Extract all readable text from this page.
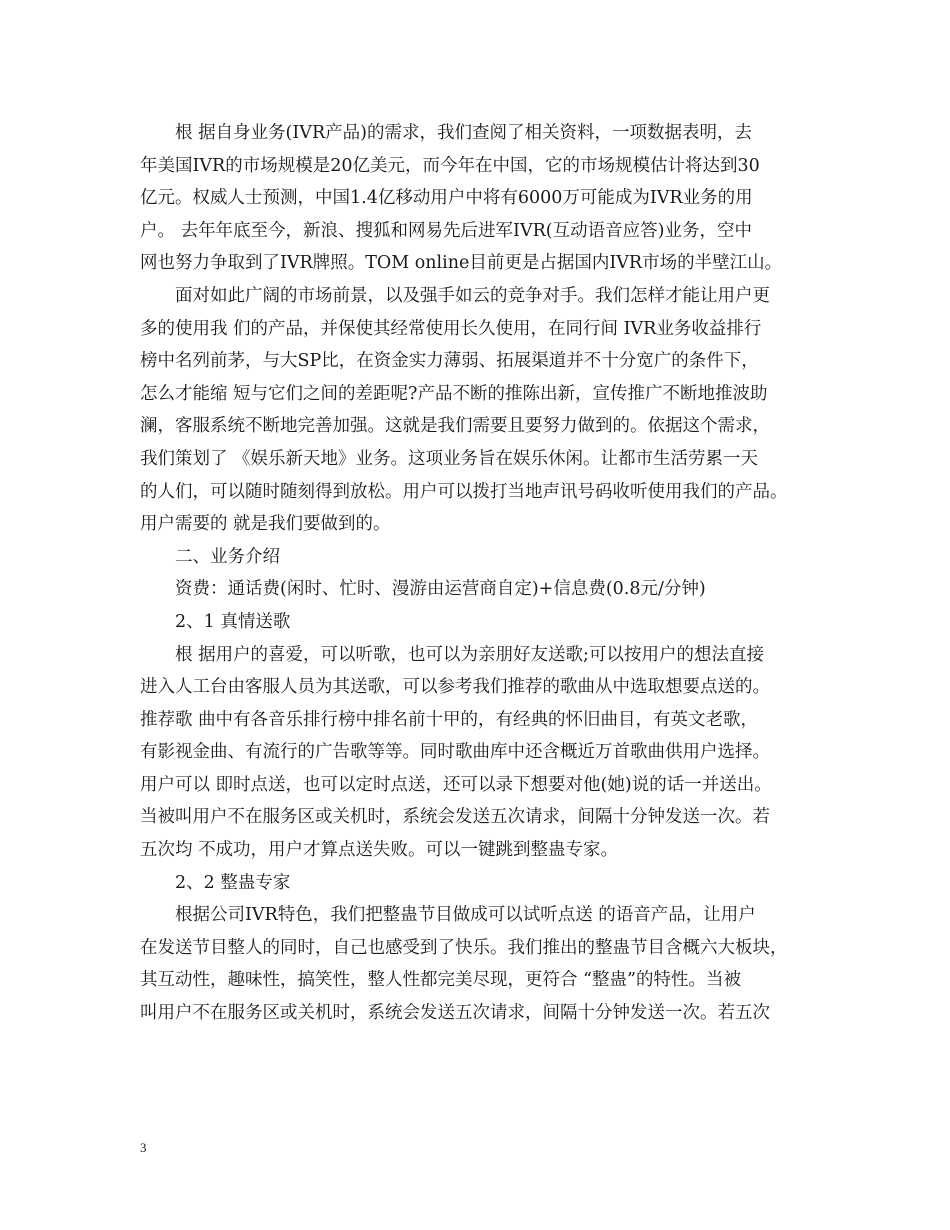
根 据自身业务(IVR产品)的需求，我们查阅了相关资料，一项数据表明，去
年美国IVR的市场规模是20亿美元，而今年在中国，它的市场规模估计将达到30
亿元。权威人士预测，中国1.4亿移动用户中将有6000万可能成为IVR业务的用
户。 去年年底至今，新浪、搜狐和网易先后进军IVR(互动语音应答)业务，空中
网也努力争取到了IVR牌照。TOM online目前更是占据国内IVR市场的半壁江山。
面对如此广阔的市场前景，以及强手如云的竞争对手。我们怎样才能让用户更
多的使用我 们的产品，并保使其经常使用长久使用，在同行间 IVR业务收益排行
榜中名列前茅，与大SP比，在资金实力薄弱、拓展渠道并不十分宽广的条件下，
怎么才能缩 短与它们之间的差距呢?产品不断的推陈出新，宣传推广不断地推波助
澜，客服系统不断地完善加强。这就是我们需要且要努力做到的。依据这个需求，
我们策划了 《娱乐新天地》业务。这项业务旨在娱乐休闲。让都市生活劳累一天
的人们，可以随时随刻得到放松。用户可以拨打当地声讯号码收听使用我们的产品。
用户需要的 就是我们要做到的。
二、业务介绍
资费：通话费(闲时、忙时、漫游由运营商自定)+信息费(0.8元/分钟)
2、1 真情送歌
根 据用户的喜爱，可以听歌，也可以为亲朋好友送歌;可以按用户的想法直接
进入人工台由客服人员为其送歌，可以参考我们推荐的歌曲从中选取想要点送的。
推荐歌 曲中有各音乐排行榜中排名前十甲的，有经典的怀旧曲目，有英文老歌，
有影视金曲、有流行的广告歌等等。同时歌曲库中还含概近万首歌曲供用户选择。
用户可以 即时点送，也可以定时点送，还可以录下想要对他(她)说的话一并送出。
当被叫用户不在服务区或关机时，系统会发送五次请求，间隔十分钟发送一次。若
五次均 不成功，用户才算点送失败。可以一键跳到整蛊专家。
2、2 整蛊专家
根据公司IVR特色，我们把整蛊节目做成可以试听点送 的语音产品，让用户
在发送节目整人的同时，自己也感受到了快乐。我们推出的整蛊节目含概六大板块，
其互动性，趣味性，搞笑性，整人性都完美尽现，更符合 “整蛊”的特性。当被
叫用户不在服务区或关机时，系统会发送五次请求，间隔十分钟发送一次。若五次
3
